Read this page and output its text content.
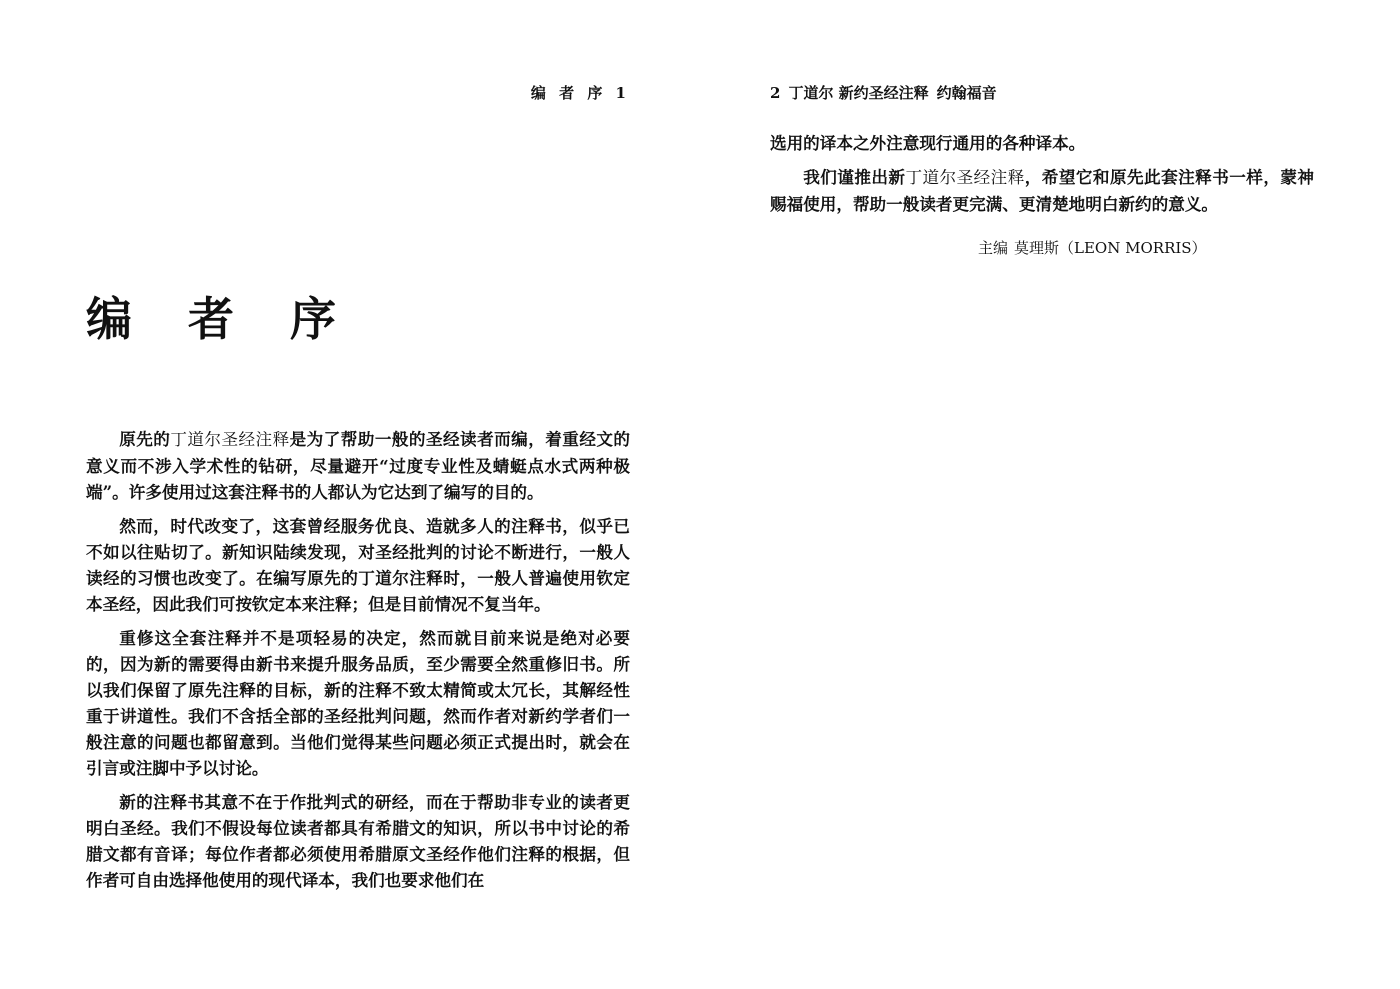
编 者 序 1
编 者 序

原先的丁道尔圣经注释是为了帮助一般的圣经读者而编，着重经文的意义而不涉入学术性的钻研，尽量避开“过度专业性及蜻蜓点水式两种极端”。许多使用过这套注释书的人都认为它达到了编写的目的。

然而，时代改变了，这套曾经服务优良、造就多人的注释书，似乎已不如以往贴切了。新知识陆续发现，对圣经批判的讨论不断进行，一般人读经的习惯也改变了。在编写原先的丁道尔注释时，一般人普遍使用钦定本圣经，因此我们可按钦定本来注释；但是目前情况不复当年。

重修这全套注释并不是项轻易的决定，然而就目前来说是绝对必要的，因为新的需要得由新书来提升服务品质，至少需要全然重修旧书。所以我们保留了原先注释的目标，新的注释不致太精简或太冗长，其解经性重于讲道性。我们不含括全部的圣经批判问题，然而作者对新约学者们一般注意的问题也都留意到。当他们觉得某些问题必须正式提出时，就会在引言或注脚中予以讨论。

新的注释书其意不在于作批判式的研经，而在于帮助非专业的读者更明白圣经。我们不假设每位读者都具有希腊文的知识，所以书中讨论的希腊文都有音译；每位作者都必须使用希腊原文圣经作他们注释的根据，但作者可自由选择他使用的现代译本，我们也要求他们在

2 丁道尔 新约圣经注释 约翰福音

选用的译本之外注意现行通用的各种译本。

我们谨推出新丁道尔圣经注释，希望它和原先此套注释书一样，蒙神赐福使用，帮助一般读者更完满、更清楚地明白新约的意义。

主编 莫理斯（LEON MORRIS）
